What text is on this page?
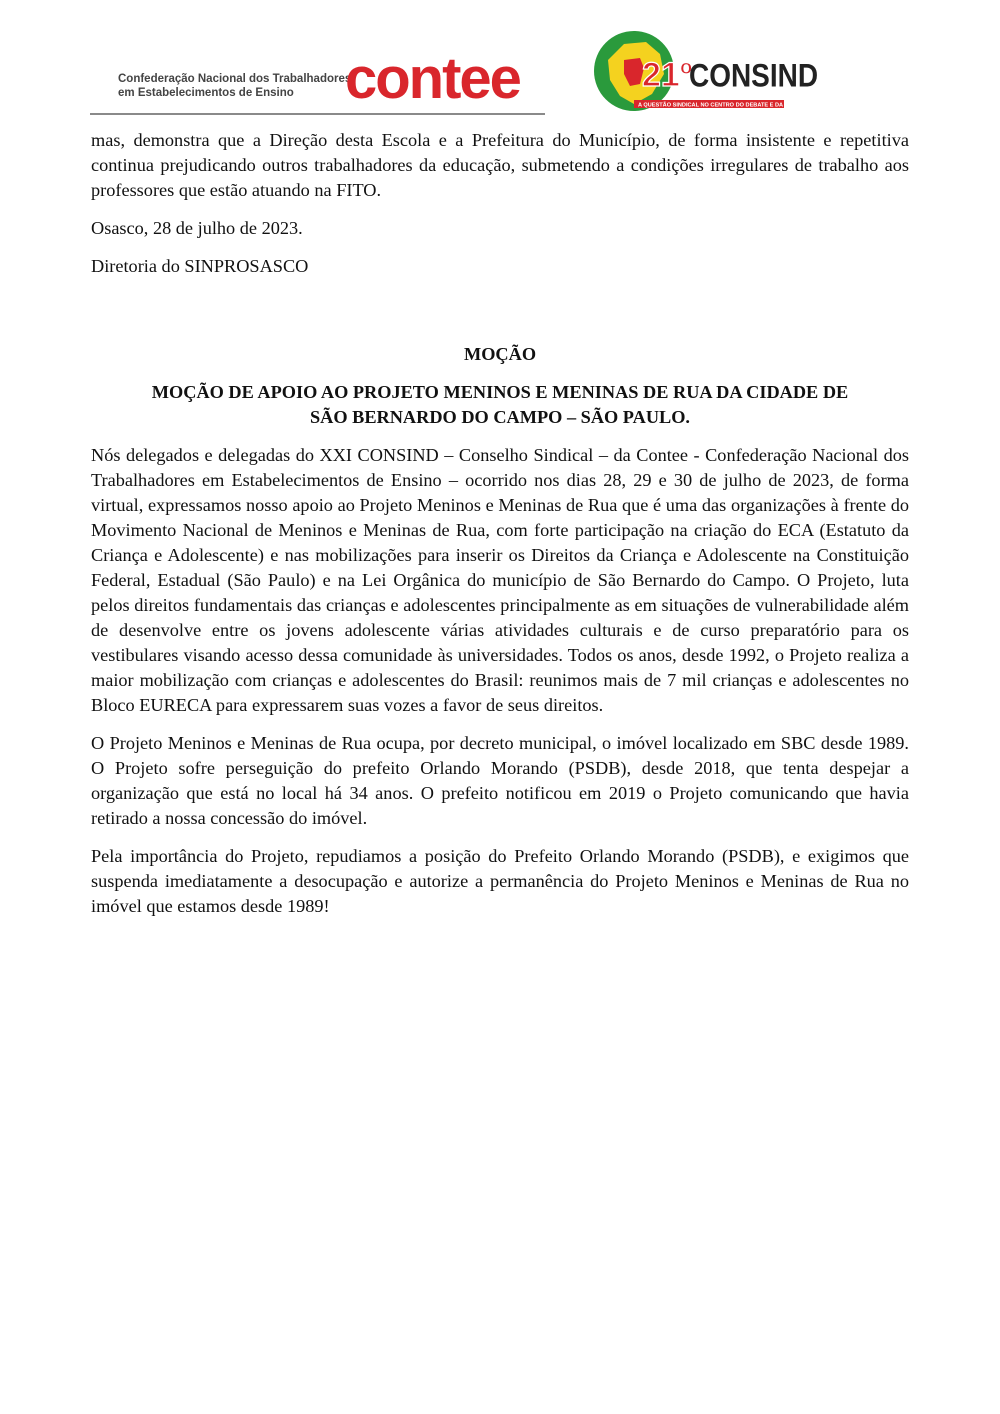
Confederação Nacional dos Trabalhadores
em Estabelecimentos de Ensino contee	21º
CONSIND
A QUESTÃO SINDICAL NO CENTRO DO DEBATE E DA LUTA!

mas, demonstra que a Direção desta Escola e a Prefeitura do Município, de forma insistente e repetitiva continua prejudicando outros trabalhadores da educação, submetendo a condições irregulares de trabalho aos professores que estão atuando na FITO.

Osasco, 28 de julho de 2023.

Diretoria do SINPROSASCO

MOÇÃO
MOÇÃO DE APOIO AO PROJETO MENINOS E MENINAS DE RUA DA CIDADE DE
SÃO BERNARDO DO CAMPO – SÃO PAULO.

Nós delegados e delegadas do XXI CONSIND – Conselho Sindical – da Contee - Confederação Nacional dos Trabalhadores em Estabelecimentos de Ensino – ocorrido nos dias 28, 29 e 30 de julho de 2023, de forma virtual, expressamos nosso apoio ao Projeto Meninos e Meninas de Rua que é uma das organizações à frente do Movimento Nacional de Meninos e Meninas de Rua, com forte participação na criação do ECA (Estatuto da Criança e Adolescente) e nas mobilizações para inserir os Direitos da Criança e Adolescente na Constituição Federal, Estadual (São Paulo) e na Lei Orgânica do município de São Bernardo do Campo. O Projeto, luta pelos direitos fundamentais das crianças e adolescentes principalmente as em situações de vulnerabilidade além de desenvolve entre os jovens adolescente várias atividades culturais e de curso preparatório para os vestibulares visando acesso dessa comunidade às universidades. Todos os anos, desde 1992, o Projeto realiza a maior mobilização com crianças e adolescentes do Brasil: reunimos mais de 7 mil crianças e adolescentes no Bloco EURECA para expressarem suas vozes a favor de seus direitos.

O Projeto Meninos e Meninas de Rua ocupa, por decreto municipal, o imóvel localizado em SBC desde 1989. O Projeto sofre perseguição do prefeito Orlando Morando (PSDB), desde 2018, que tenta despejar a organização que está no local há 34 anos. O prefeito notificou em 2019 o Projeto comunicando que havia retirado a nossa concessão do imóvel.

Pela importância do Projeto, repudiamos a posição do Prefeito Orlando Morando (PSDB), e exigimos que suspenda imediatamente a desocupação e autorize a permanência do Projeto Meninos e Meninas de Rua no imóvel que estamos desde 1989!
